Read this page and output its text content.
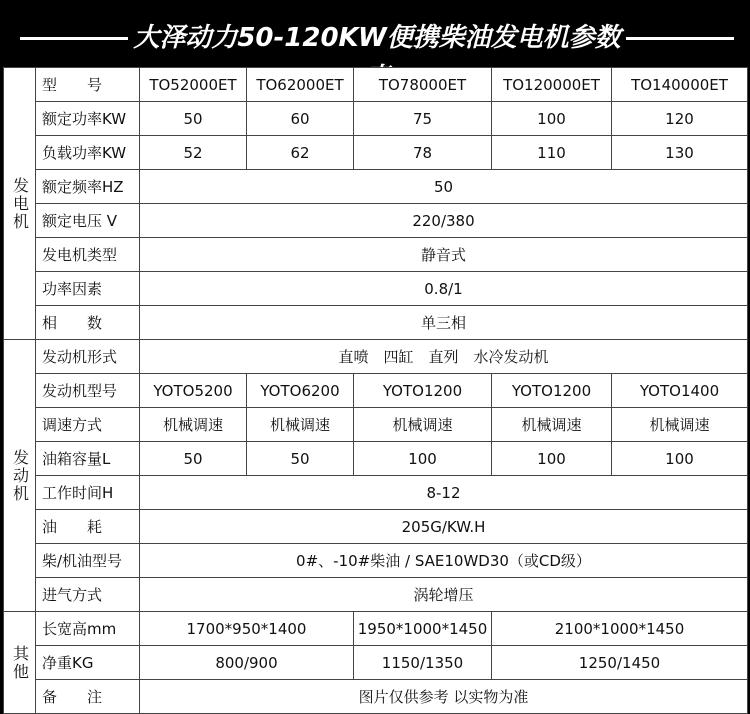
大泽动力50-120KW便携柴油发电机参数
发电机	型　　号	TO52000ET	TO62000ET	TO78000ET	TO120000ET	TO140000ET
	额定功率KW	50	60	75	100	120
	负载功率KW	52	62	78	110	130
	额定频率HZ	50				
	额定电压 V	220/380				
	发电机类型	静音式				
	功率因素	0.8/1				
	相　　数	单三相				
发动机	发动机形式	直喷　四缸　直列　水冷发动机				
	发动机型号	YOTO5200	YOTO6200	YOTO1200	YOTO1200	YOTO1400
	调速方式	机械调速	机械调速	机械调速	机械调速	机械调速
	油箱容量L	50	50	100	100	100
	工作时间H	8-12				
	油　　耗	205G/KW.H				
	柴/机油型号	0#、-10#柴油 / SAE10WD30（或CD级）				
	进气方式	涡轮增压				
其他	长宽高mm	1700*950*1400		1950*1000*1450	2100*1000*1450	
	净重KG	800/900		1150/1350	1250/1450	
	备　　注	图片仅供参考 以实物为准				
